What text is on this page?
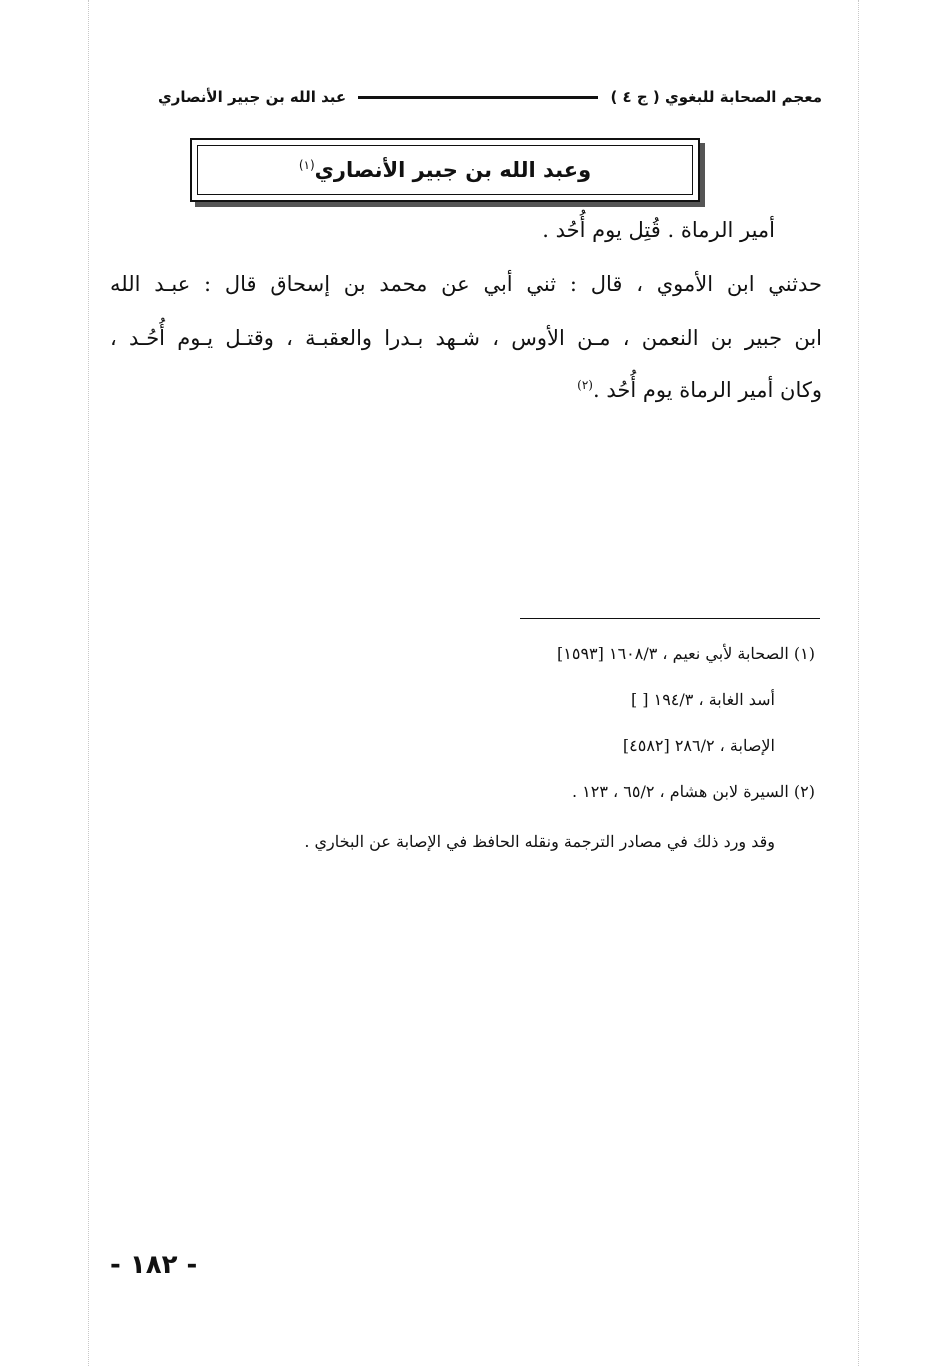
معجم الصحابة للبغوي ( ج ٤ )
عبد الله بن جبير الأنصاري
وعبد الله بن جبير الأنصاري$^{(١)}$
أمير الرماة . قُتِل يوم أُحُد .
حدثني ابن الأموي ، قال : ثني أبي عن محمد بن إسحاق قال : عبـد الله
ابن جبير بن النعمن ، مـن الأوس ، شـهد بـدرا والعقبـة ، وقتـل يـوم أُحُـد ،
وكان أمير الرماة يوم أُحُد .$^{(٢)}$
(١) الصحابة لأبي نعيم ، ١٦٠٨/٣ [١٥٩٣]
أسد الغابة ، ١٩٤/٣ [ ]
الإصابة ، ٢٨٦/٢ [٤٥٨٢]
(٢) السيرة لابن هشام ، ٦٥/٢ ، ١٢٣ .
وقد ورد ذلك في مصادر الترجمة ونقله الحافظ في الإصابة عن البخاري .
- ١٨٢ -
